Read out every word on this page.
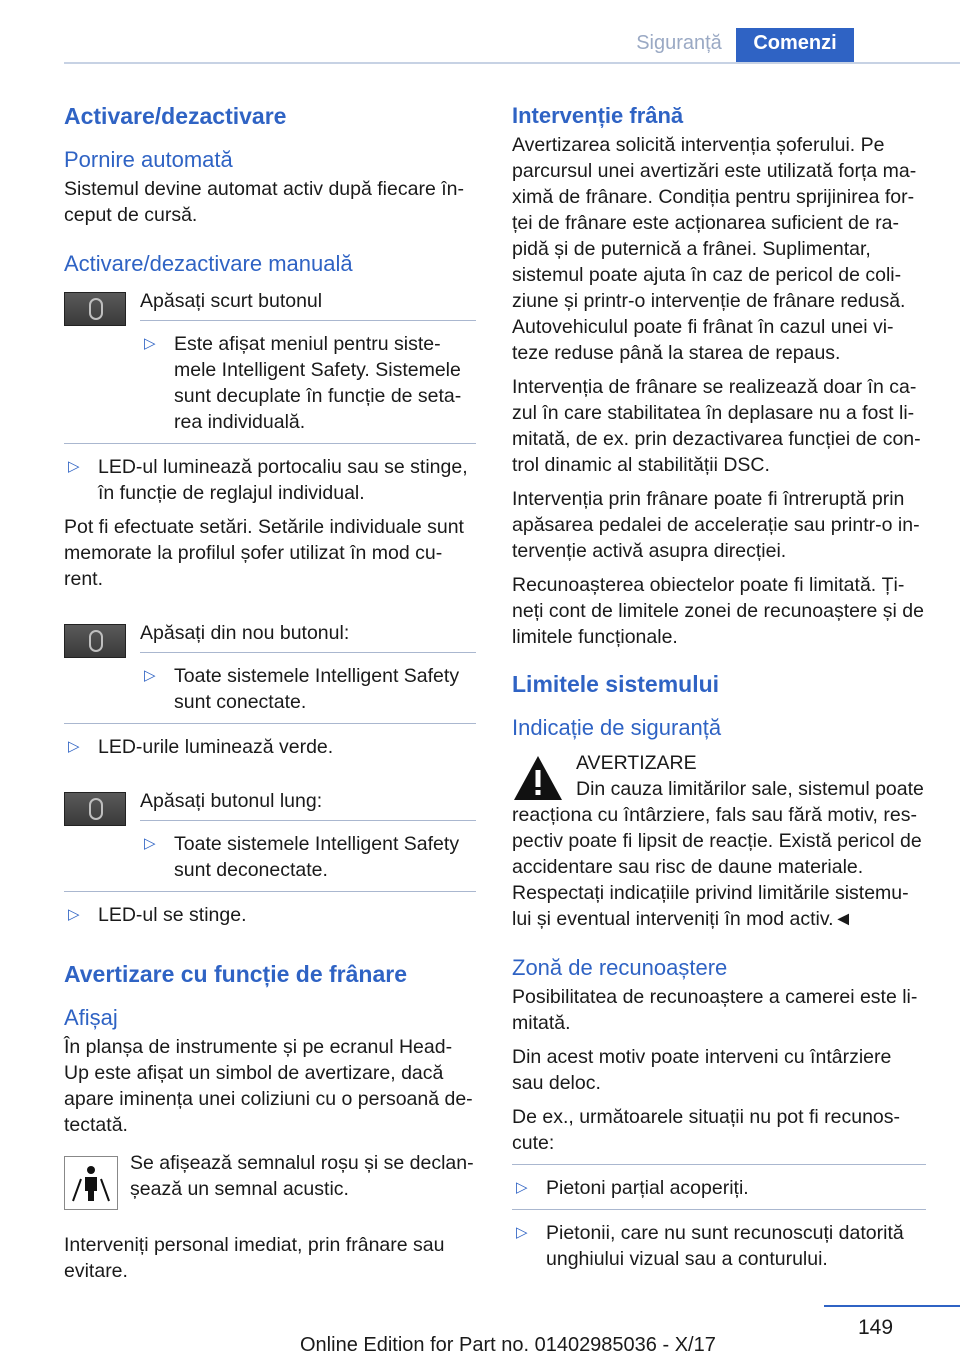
Siguranță	Comenzi
Activare/dezactivare
Pornire automată

Sistemul devine automat activ după fiecare în-ceput de cursă.

Activare/dezactivare manuală

Apăsați scurt butonul

▷ Este afișat meniul pentru siste-mele Intelligent Safety. Sistemele sunt decuplate în funcție de seta-rea individuală.
▷ LED-ul luminează portocaliu sau se stinge, în funcție de reglajul individual.

Pot fi efectuate setări. Setările individuale sunt memorate la profilul șofer utilizat în mod cu-rent.

Apăsați din nou butonul:

▷ Toate sistemele Intelligent Safety sunt conectate.
▷ LED-urile luminează verde.

Apăsați butonul lung:

▷ Toate sistemele Intelligent Safety sunt deconectate.
▷ LED-ul se stinge.
Avertizare cu funcție de frânare
Afișaj

În planșa de instrumente și pe ecranul Head-Up este afișat un simbol de avertizare, dacă apare iminența unei coliziuni cu o persoană de-tectată.

Se afișează semnalul roșu și se declan-șează un semnal acustic.

Interveniți personal imediat, prin frânare sau evitare.

Intervenție frână

Avertizarea solicită intervenția șoferului. Pe parcursul unei avertizări este utilizată forța ma-ximă de frânare. Condiția pentru sprijinirea for-ței de frânare este acționarea suficient de ra-pidă și de puternică a frânei. Suplimentar, sistemul poate ajuta în caz de pericol de coli-ziune și printr-o intervenție de frânare redusă. Autovehiculul poate fi frânat în cazul unei vi-teze reduse până la starea de repaus.

Intervenția de frânare se realizează doar în ca-zul în care stabilitatea în deplasare nu a fost li-mitată, de ex. prin dezactivarea funcției de con-trol dinamic al stabilității DSC.

Intervenția prin frânare poate fi întreruptă prin apăsarea pedalei de accelerație sau printr-o in-tervenție activă asupra direcției.

Recunoașterea obiectelor poate fi limitată. Ți-neți cont de limitele zonei de recunoaștere și de limitele funcționale.

Limitele sistemului
Indicație de siguranță

AVERTIZARE

Din cauza limitărilor sale, sistemul poate reacționa cu întârziere, fals sau fără motiv, res-pectiv poate fi lipsit de reacție. Există pericol de accidentare sau risc de daune materiale. Respectați indicațiile privind limitările sistemu-lui și eventual interveniți în mod activ.◄

Zonă de recunoaștere

Posibilitatea de recunoaștere a camerei este li-mitată.

Din acest motiv poate interveni cu întârziere sau deloc.

De ex., următoarele situații nu pot fi recunos-cute:

▷ Pietoni parțial acoperiți.
▷ Pietonii, care nu sunt recunoscuți datorită unghiului vizual sau a conturului.
149
Online Edition for Part no. 01402985036 - X/17
